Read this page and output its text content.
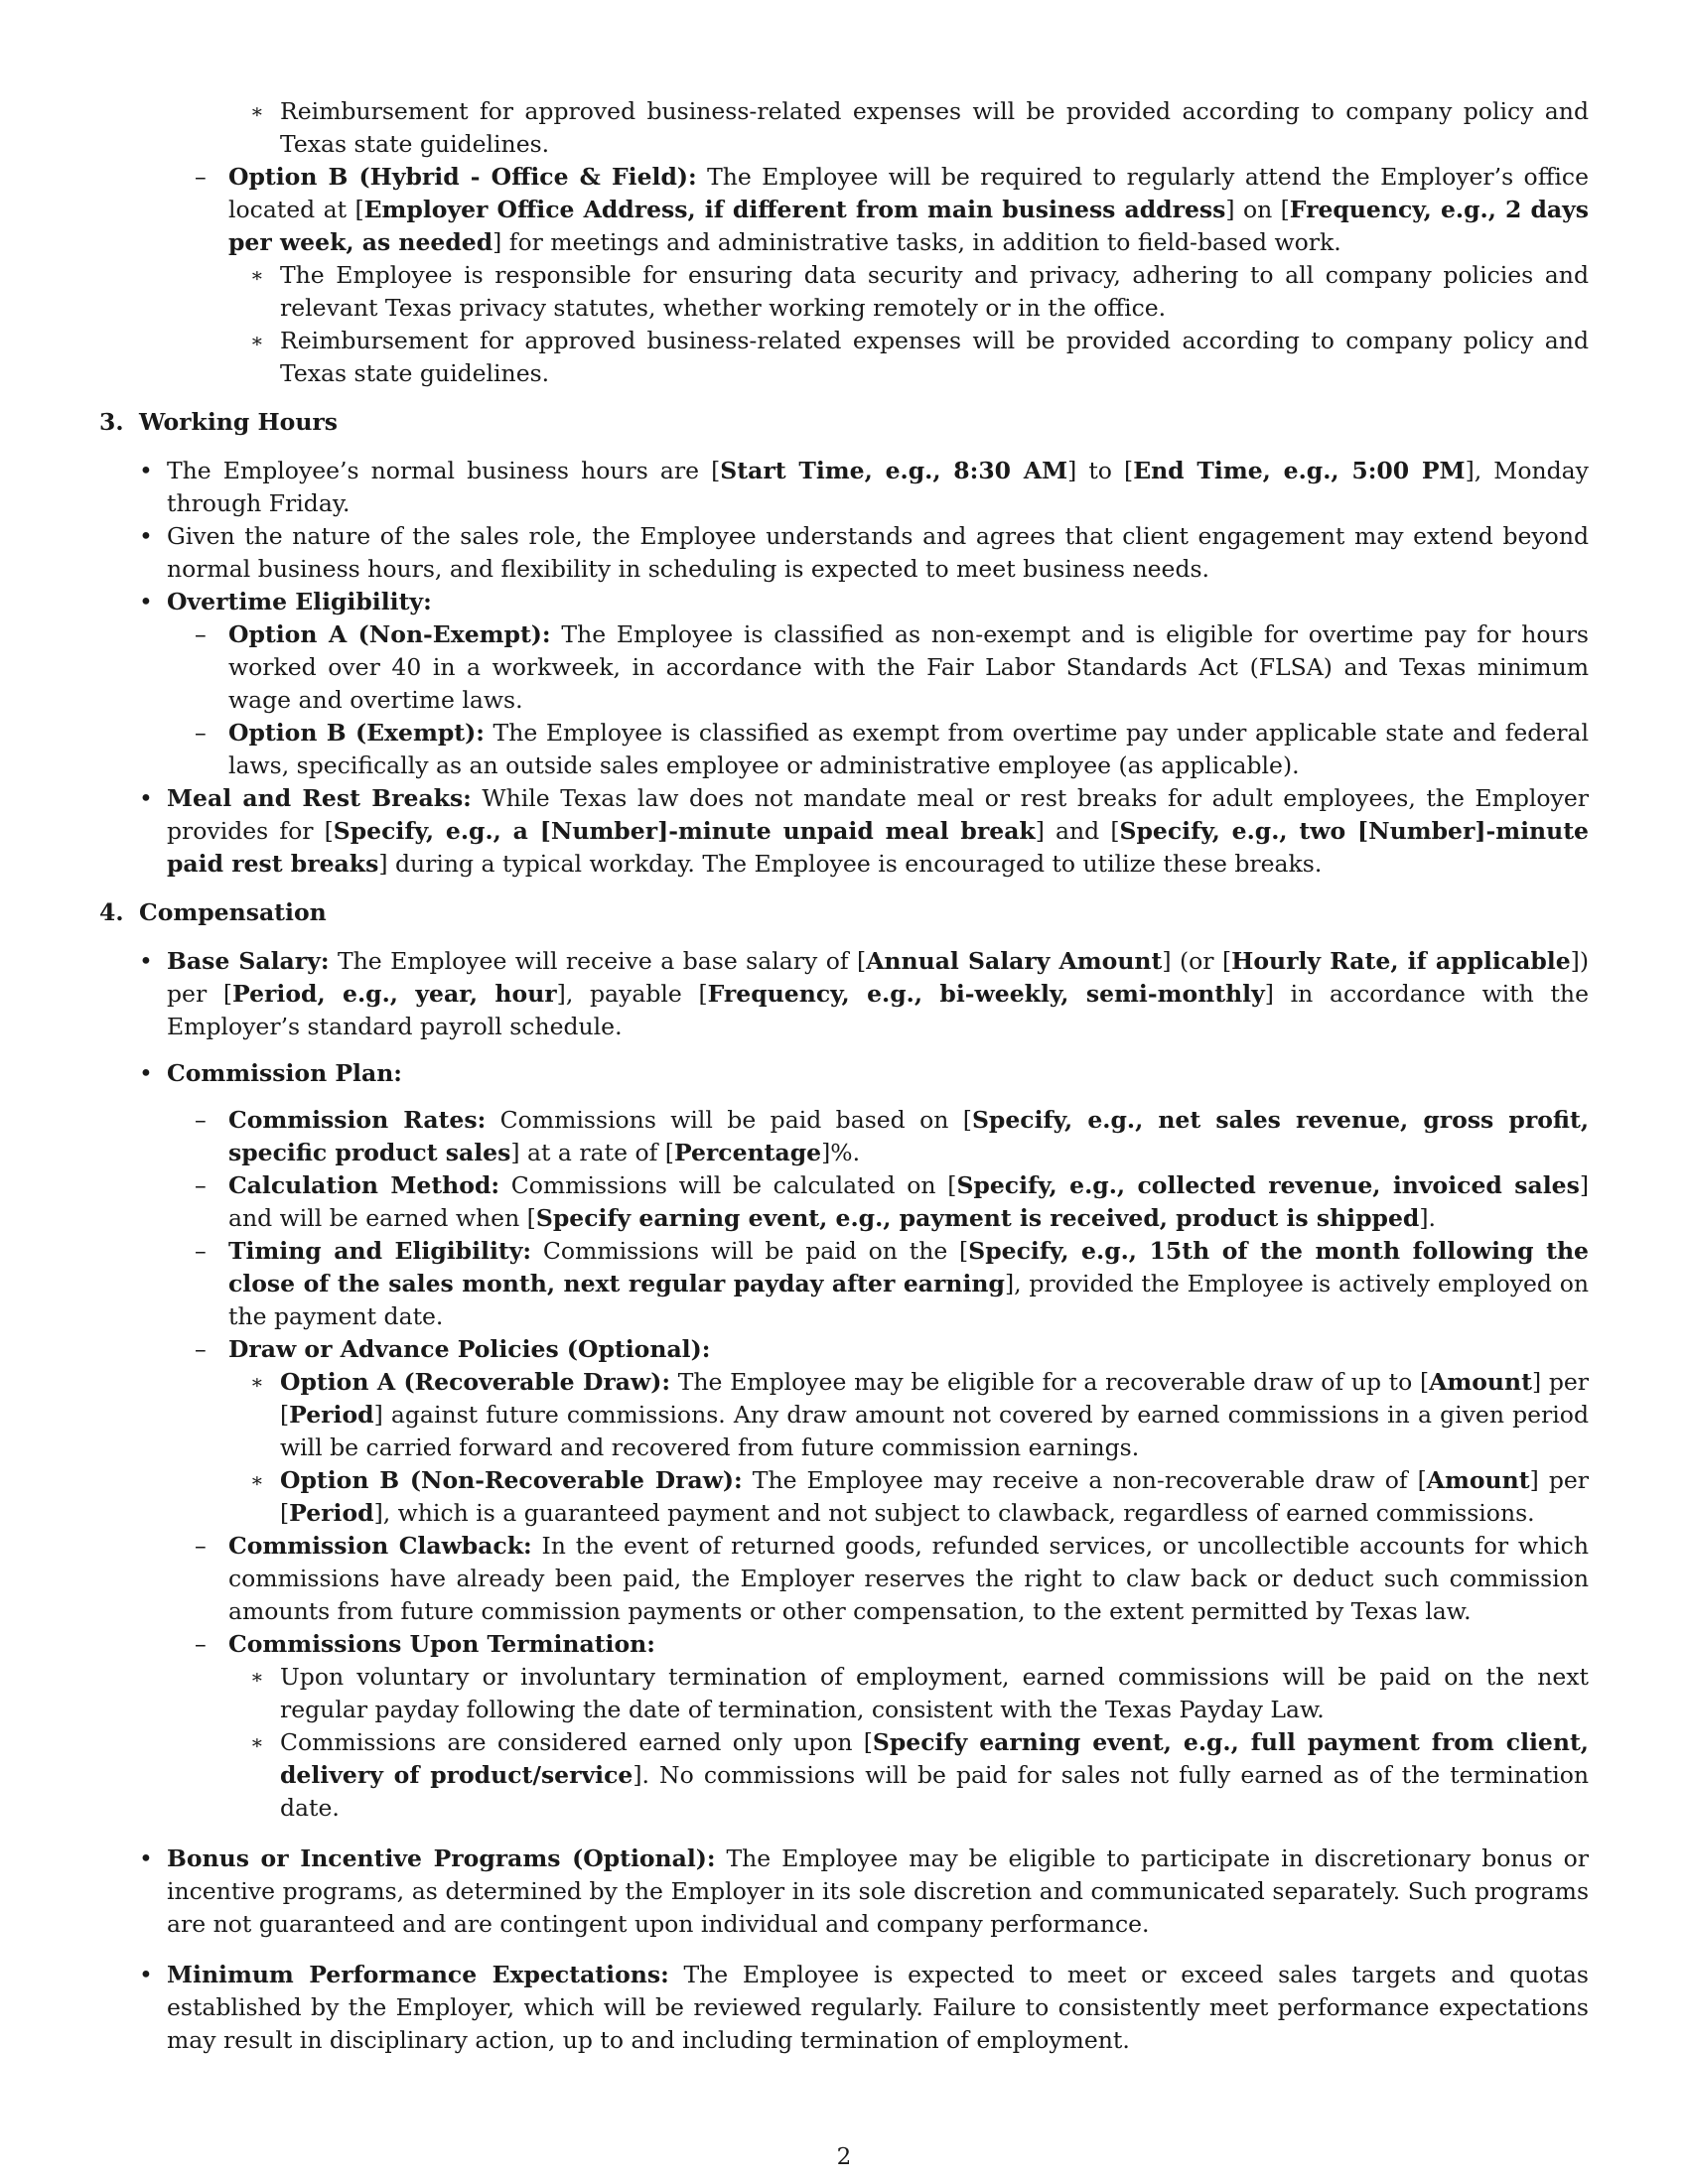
∗ Reimbursement for approved business-related expenses will be provided according to company policy and Texas state guidelines.
– Option B (Hybrid - Office & Field): The Employee will be required to regularly attend the Employer’s office located at [Employer Office Address, if different from main business address] on [Frequency, e.g., 2 days per week, as needed] for meetings and administrative tasks, in addition to field-based work.
∗ The Employee is responsible for ensuring data security and privacy, adhering to all company policies and relevant Texas privacy statutes, whether working remotely or in the office.
∗ Reimbursement for approved business-related expenses will be provided according to company policy and Texas state guidelines.
3. Working Hours
• The Employee’s normal business hours are [Start Time, e.g., 8:30 AM] to [End Time, e.g., 5:00 PM], Monday through Friday.
• Given the nature of the sales role, the Employee understands and agrees that client engagement may extend beyond normal business hours, and flexibility in scheduling is expected to meet business needs.
• Overtime Eligibility:
– Option A (Non-Exempt): The Employee is classified as non-exempt and is eligible for overtime pay for hours worked over 40 in a workweek, in accordance with the Fair Labor Standards Act (FLSA) and Texas minimum wage and overtime laws.
– Option B (Exempt): The Employee is classified as exempt from overtime pay under applicable state and federal laws, specifically as an outside sales employee or administrative employee (as applicable).
• Meal and Rest Breaks: While Texas law does not mandate meal or rest breaks for adult employees, the Employer provides for [Specify, e.g., a [Number]-minute unpaid meal break] and [Specify, e.g., two [Number]-minute paid rest breaks] during a typical workday. The Employee is encouraged to utilize these breaks.
4. Compensation
• Base Salary: The Employee will receive a base salary of [Annual Salary Amount] (or [Hourly Rate, if applicable]) per [Period, e.g., year, hour], payable [Frequency, e.g., bi-weekly, semi-monthly] in accordance with the Employer’s standard payroll schedule.
• Commission Plan:
– Commission Rates: Commissions will be paid based on [Specify, e.g., net sales revenue, gross profit, specific product sales] at a rate of [Percentage]%.
– Calculation Method: Commissions will be calculated on [Specify, e.g., collected revenue, invoiced sales] and will be earned when [Specify earning event, e.g., payment is received, product is shipped].
– Timing and Eligibility: Commissions will be paid on the [Specify, e.g., 15th of the month following the close of the sales month, next regular payday after earning], provided the Employee is actively employed on the payment date.
– Draw or Advance Policies (Optional):
∗ Option A (Recoverable Draw): The Employee may be eligible for a recoverable draw of up to [Amount] per [Period] against future commissions. Any draw amount not covered by earned commissions in a given period will be carried forward and recovered from future commission earnings.
∗ Option B (Non-Recoverable Draw): The Employee may receive a non-recoverable draw of [Amount] per [Period], which is a guaranteed payment and not subject to clawback, regardless of earned commissions.
– Commission Clawback: In the event of returned goods, refunded services, or uncollectible accounts for which commissions have already been paid, the Employer reserves the right to claw back or deduct such commission amounts from future commission payments or other compensation, to the extent permitted by Texas law.
– Commissions Upon Termination:
∗ Upon voluntary or involuntary termination of employment, earned commissions will be paid on the next regular payday following the date of termination, consistent with the Texas Payday Law.
∗ Commissions are considered earned only upon [Specify earning event, e.g., full payment from client, delivery of product/service]. No commissions will be paid for sales not fully earned as of the termination date.
• Bonus or Incentive Programs (Optional): The Employee may be eligible to participate in discretionary bonus or incentive programs, as determined by the Employer in its sole discretion and communicated separately. Such programs are not guaranteed and are contingent upon individual and company performance.
• Minimum Performance Expectations: The Employee is expected to meet or exceed sales targets and quotas established by the Employer, which will be reviewed regularly. Failure to consistently meet performance expectations may result in disciplinary action, up to and including termination of employment.
2
